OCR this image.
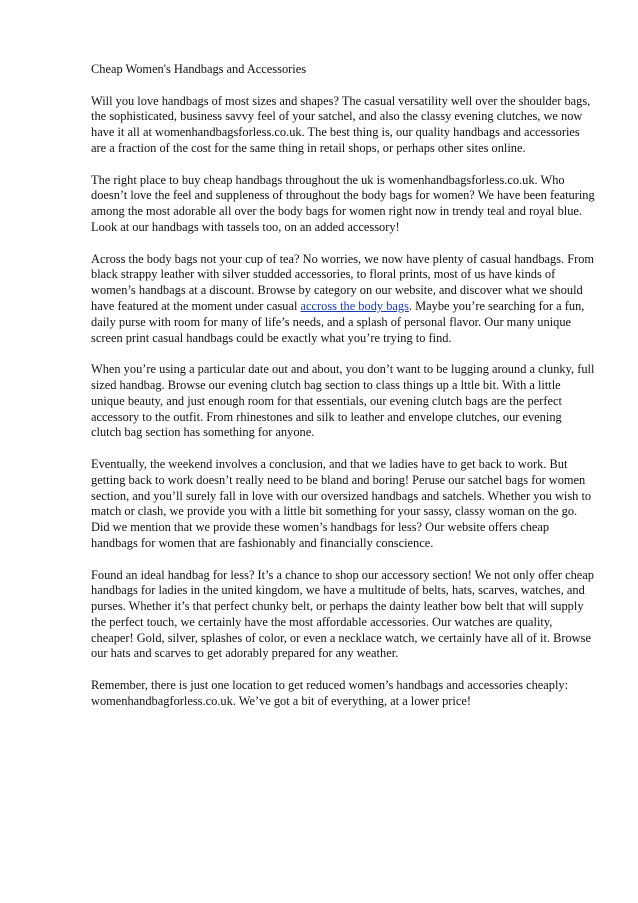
Cheap Women's Handbags and Accessories

Will you love handbags of most sizes and shapes? The casual versatility well over the shoulder bags, the sophisticated, business savvy feel of your satchel, and also the classy evening clutches, we now have it all at womenhandbagsforless.co.uk. The best thing is, our quality handbags and accessories are a fraction of the cost for the same thing in retail shops, or perhaps other sites online.

The right place to buy cheap handbags throughout the uk is womenhandbagsforless.co.uk. Who doesn’t love the feel and suppleness of throughout the body bags for women? We have been featuring among the most adorable all over the body bags for women right now in trendy teal and royal blue. Look at our handbags with tassels too, on an added accessory!

Across the body bags not your cup of tea? No worries, we now have plenty of casual handbags. From black strappy leather with silver studded accessories, to floral prints, most of us have kinds of women’s handbags at a discount. Browse by category on our website, and discover what we should have featured at the moment under casual accross the body bags. Maybe you’re searching for a fun, daily purse with room for many of life’s needs, and a splash of personal flavor. Our many unique screen print casual handbags could be exactly what you’re trying to find.

When you’re using a particular date out and about, you don’t want to be lugging around a clunky, full sized handbag. Browse our evening clutch bag section to class things up a lttle bit. With a little unique beauty, and just enough room for that essentials, our evening clutch bags are the perfect accessory to the outfit. From rhinestones and silk to leather and envelope clutches, our evening clutch bag section has something for anyone.

Eventually, the weekend involves a conclusion, and that we ladies have to get back to work. But getting back to work doesn’t really need to be bland and boring! Peruse our satchel bags for women section, and you’ll surely fall in love with our oversized handbags and satchels. Whether you wish to match or clash, we provide you with a little bit something for your sassy, classy woman on the go. Did we mention that we provide these women’s handbags for less? Our website offers cheap handbags for women that are fashionably and financially conscience.

Found an ideal handbag for less? It’s a chance to shop our accessory section! We not only offer cheap handbags for ladies in the united kingdom, we have a multitude of belts, hats, scarves, watches, and purses. Whether it’s that perfect chunky belt, or perhaps the dainty leather bow belt that will supply the perfect touch, we certainly have the most affordable accessories. Our watches are quality, cheaper! Gold, silver, splashes of color, or even a necklace watch, we certainly have all of it. Browse our hats and scarves to get adorably prepared for any weather.

Remember, there is just one location to get reduced women’s handbags and accessories cheaply: womenhandbagforless.co.uk. We’ve got a bit of everything, at a lower price!
